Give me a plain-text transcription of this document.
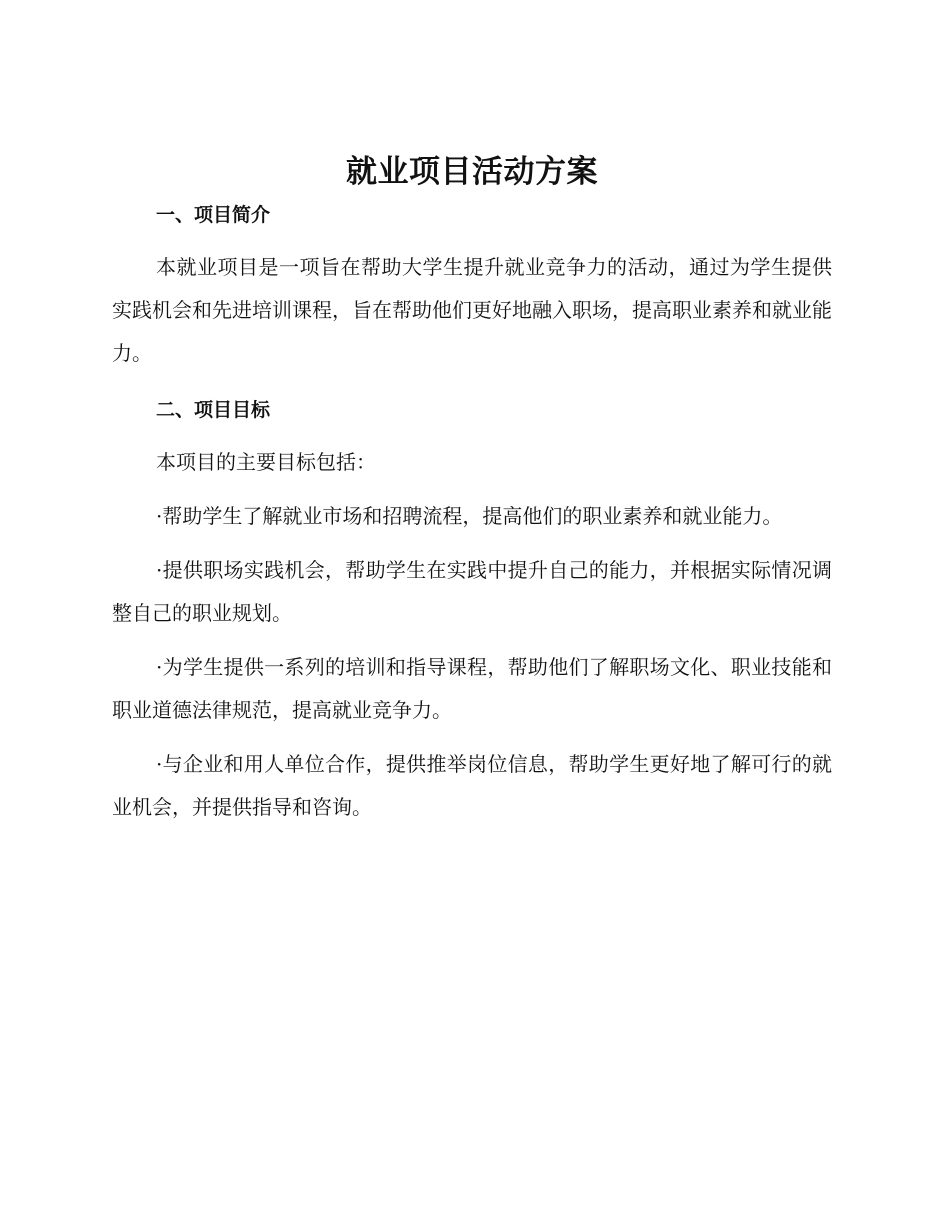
就业项目活动方案
一、项目简介

本就业项目是一项旨在帮助大学生提升就业竞争力的活动，通过为学生提供实践机会和先进培训课程，旨在帮助他们更好地融入职场，提高职业素养和就业能力。

二、项目目标

本项目的主要目标包括：

·帮助学生了解就业市场和招聘流程，提高他们的职业素养和就业能力。

·提供职场实践机会，帮助学生在实践中提升自己的能力，并根据实际情况调整自己的职业规划。

·为学生提供一系列的培训和指导课程，帮助他们了解职场文化、职业技能和职业道德法律规范，提高就业竞争力。

·与企业和用人单位合作，提供推举岗位信息，帮助学生更好地了解可行的就业机会，并提供指导和咨询。
